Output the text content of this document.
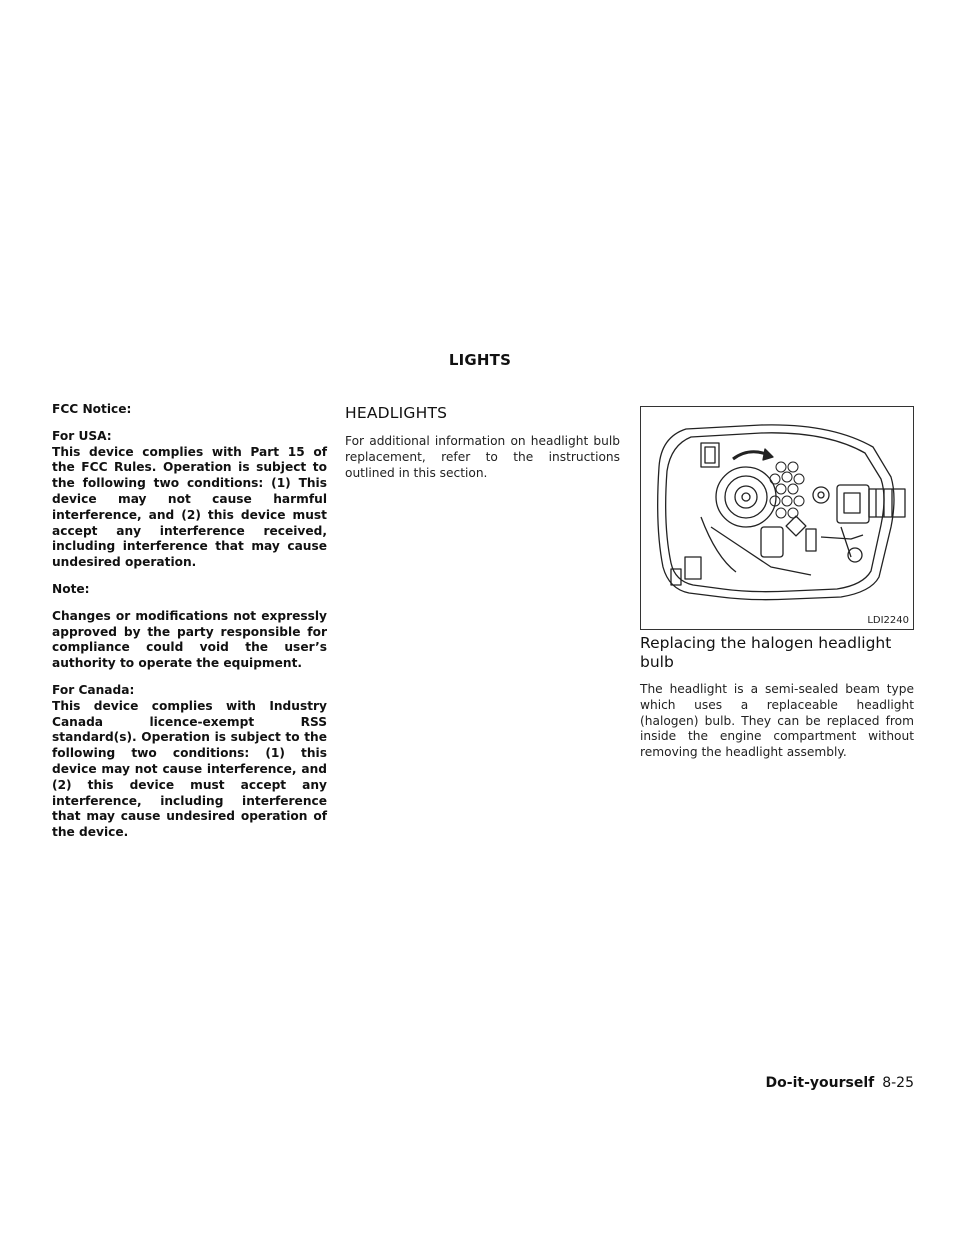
LIGHTS

FCC Notice:

For USA:
This device complies with Part 15 of the FCC Rules. Operation is subject to the following two conditions: (1) This device may not cause harmful interference, and (2) this device must accept any interference received, including interference that may cause undesired operation.

Note:

Changes or modifications not expressly approved by the party responsible for compliance could void the user’s authority to operate the equipment.

For Canada:
This device complies with Industry Canada licence-exempt RSS standard(s). Operation is subject to the following two conditions: (1) this device may not cause interference, and (2) this device must accept any interference, including interference that may cause undesired operation of the device.

HEADLIGHTS

For additional information on headlight bulb replacement, refer to the instructions outlined in this section.

LDI2240
Replacing the halogen headlight bulb

The headlight is a semi-sealed beam type which uses a replaceable headlight (halogen) bulb. They can be replaced from inside the engine compartment without removing the headlight assembly.

Do-it-yourself 8-25
